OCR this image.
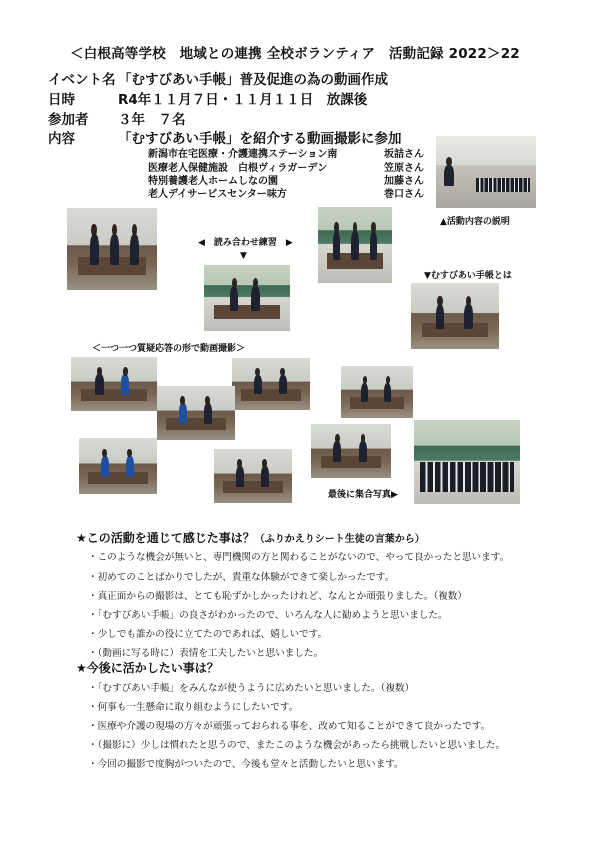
＜白根高等学校　地域との連携 全校ボランティア　活動記録 2022＞22
イベント名 「むすびあい手帳」普及促進の為の動画作成
日時	R4年１１月７日・１１月１１日　放課後
参加者 ３年　７名
内容	「むすびあい手帳」を紹介する動画撮影に参加
新潟市在宅医療・介護連携ステーション南	坂詰さん
医療老人保健施設　白根ヴィラガーデン	笠原さん
特別養護老人ホームしなの園	加藤さん
老人デイサービスセンター味方	巻口さん
▲活動内容の説明
◀　読み合わせ練習　▶
▼
▼むすびあい手帳とは
＜一つ一つ質疑応答の形で動画撮影＞
最後に集合写真▶
★この活動を通じて感じた事は？（ふりかえりシート生徒の言葉から）
・このような機会が無いと、専門機関の方と関わることがないので、やって良かったと思います。
・初めてのことばかりでしたが、貴重な体験ができて楽しかったです。
・真正面からの撮影は、とても恥ずかしかったけれど、なんとか頑張りました。（複数）
・「むすびあい手帳」の良さがわかったので、いろんな人に勧めようと思いました。
・少しでも誰かの役に立てたのであれば、嬉しいです。
・（動画に写る時に）表情を工夫したいと思いました。
★今後に活かしたい事は？
・「むすびあい手帳」をみんなが使うように広めたいと思いました。（複数）
・何事も一生懸命に取り組むようにしたいです。
・医療や介護の現場の方々が頑張っておられる事を、改めて知ることができて良かったです。
・（撮影に）少しは慣れたと思うので、またこのような機会があったら挑戦したいと思いました。
・今回の撮影で度胸がついたので、今後も堂々と活動したいと思います。
